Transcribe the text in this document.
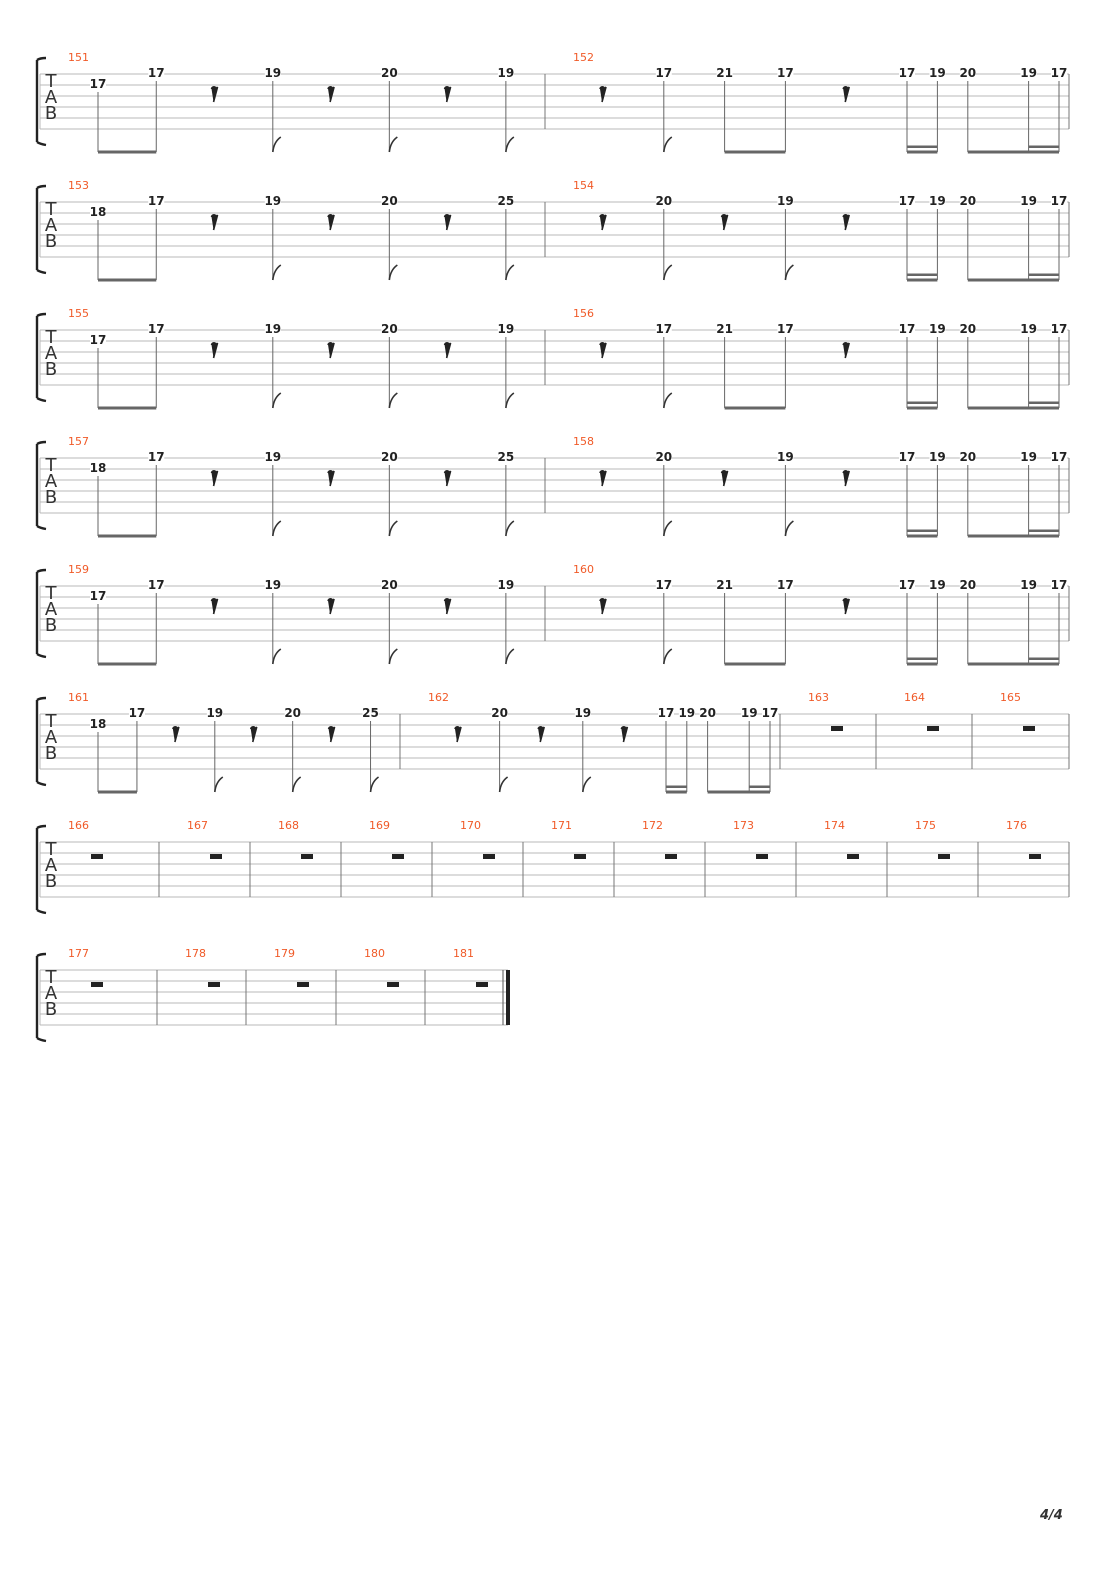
T
A
B
151
17
17	19	20	19
152
17	21	17	17 19 20	19 17
T
A
B
153
18
17	19	20	25
154
20	19	17 19 20	19 17
T
A
B
155
17
17	19	20	19
156
17	21	17	17 19 20	19 17
T
A
B
157
18
17	19	20	25
158
20	19	17 19 20	19 17
T
A
B
159
17
17	19	20	19
160
17	21	17	17 19 20	19 17
T
A
B
161
18
17	19	20	25
162
20	19	17 19 20 19 17
163	164	165
T
A
B
166	167	168	169	170	171	172	173	174	175	176
T
A
B
177	178	179	180	181
4/4
